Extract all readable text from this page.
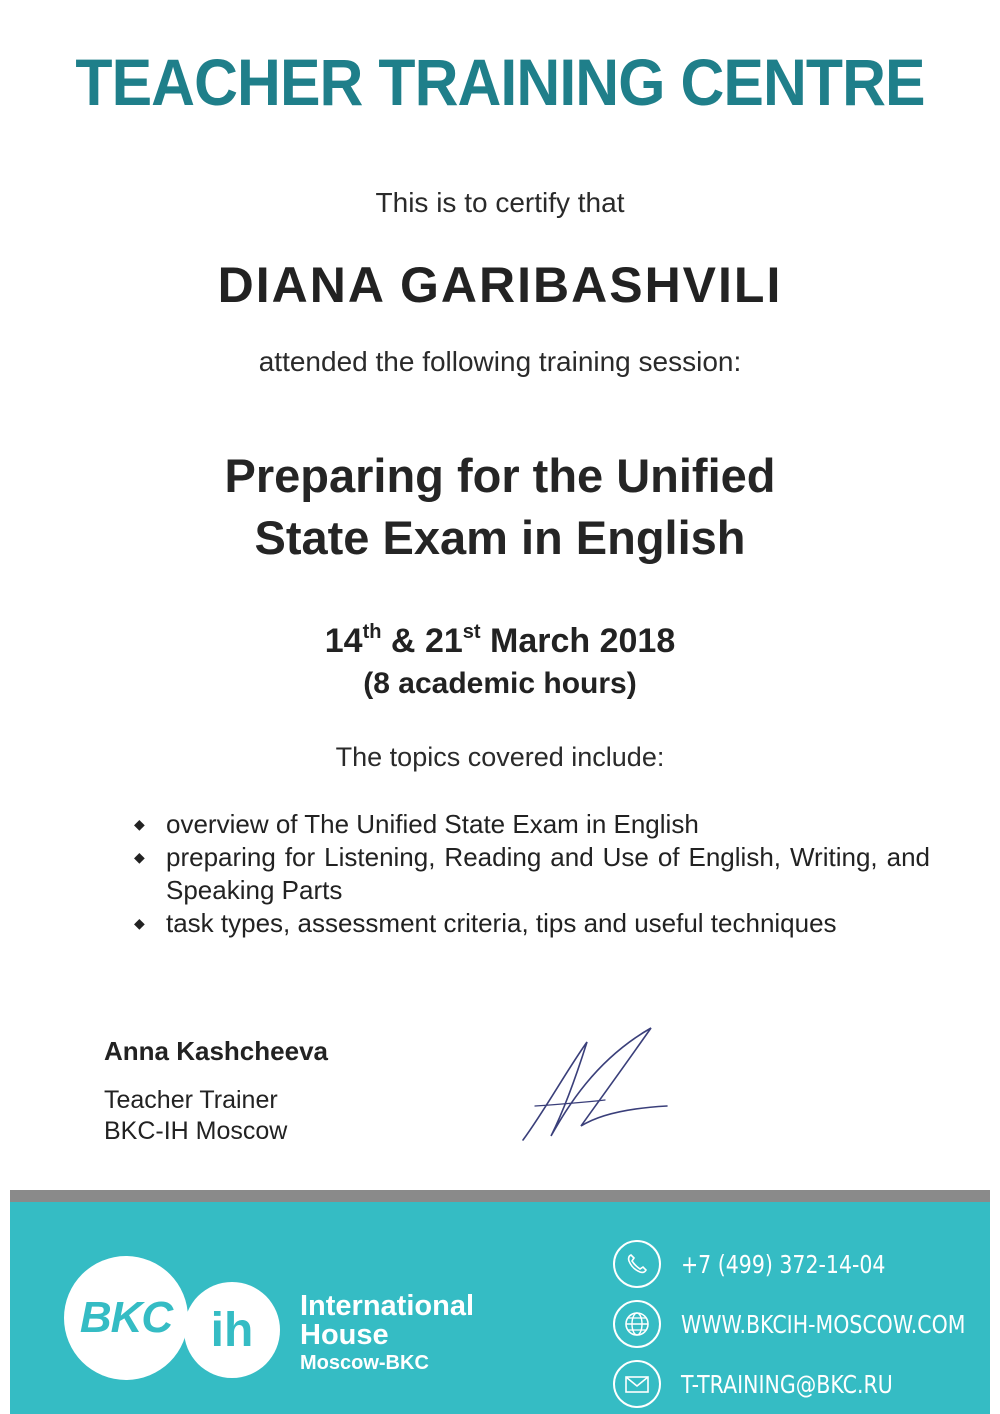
TEACHER TRAINING CENTRE
This is to certify that
DIANA GARIBASHVILI
attended the following training session:
Preparing for the Unified
State Exam in English
14th & 21st March 2018
(8 academic hours)
The topics covered include:
◆ overview of The Unified State Exam in English
◆ preparing for Listening, Reading and Use of English, Writing, and Speaking Parts
◆ task types, assessment criteria, tips and useful techniques
Anna Kashcheeva
Teacher Trainer
BKC-IH Moscow
BKC ih	International
House
Moscow-BKC
+7 (499) 372-14-04
WWW.BKCIH-MOSCOW.COM
T-TRAINING@BKC.RU
